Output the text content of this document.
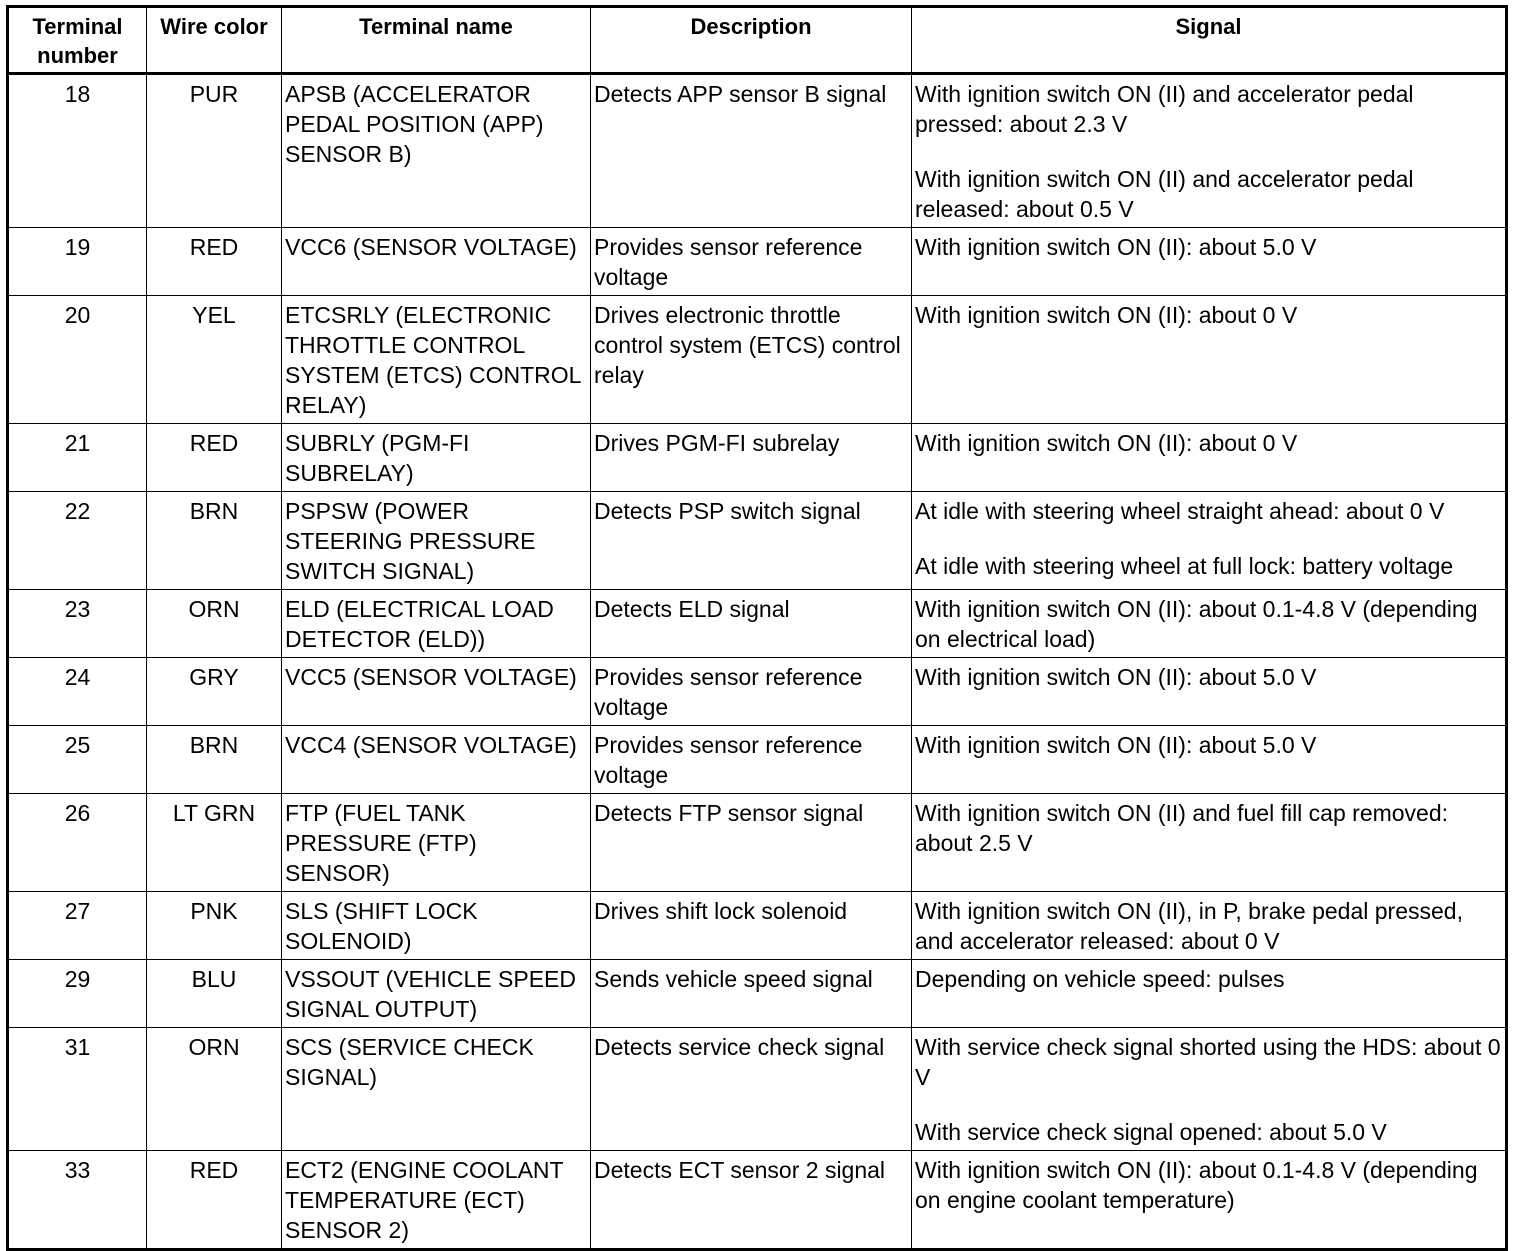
Terminal
number	Wire color	Terminal name	Description	Signal
18	PUR	APSB (ACCELERATOR PEDAL POSITION (APP) SENSOR B)	Detects APP sensor B signal	With ignition switch ON (II) and accelerator pedal pressed: about 2.3 V
With ignition switch ON (II) and accelerator pedal released: about 0.5 V

19	RED	VCC6 (SENSOR VOLTAGE)	Provides sensor reference voltage	With ignition switch ON (II): about 5.0 V

20	YEL	ETCSRLY (ELECTRONIC THROTTLE CONTROL SYSTEM (ETCS) CONTROL RELAY)	Drives electronic throttle control system (ETCS) control relay	With ignition switch ON (II): about 0 V

21	RED	SUBRLY (PGM-FI SUBRELAY)	Drives PGM-FI subrelay	With ignition switch ON (II): about 0 V

22	BRN	PSPSW (POWER STEERING PRESSURE SWITCH SIGNAL)	Detects PSP switch signal	At idle with steering wheel straight ahead: about 0 V
At idle with steering wheel at full lock: battery voltage

23	ORN	ELD (ELECTRICAL LOAD DETECTOR (ELD))	Detects ELD signal	With ignition switch ON (II): about 0.1-4.8 V (depending on electrical load)

24	GRY	VCC5 (SENSOR VOLTAGE)	Provides sensor reference voltage	With ignition switch ON (II): about 5.0 V

25	BRN	VCC4 (SENSOR VOLTAGE)	Provides sensor reference voltage	With ignition switch ON (II): about 5.0 V

26	LT GRN	FTP (FUEL TANK PRESSURE (FTP) SENSOR)	Detects FTP sensor signal	With ignition switch ON (II) and fuel fill cap removed: about 2.5 V

27	PNK	SLS (SHIFT LOCK SOLENOID)	Drives shift lock solenoid	With ignition switch ON (II), in P, brake pedal pressed, and accelerator released: about 0 V

29	BLU	VSSOUT (VEHICLE SPEED SIGNAL OUTPUT)	Sends vehicle speed signal	Depending on vehicle speed: pulses

31	ORN	SCS (SERVICE CHECK SIGNAL)	Detects service check signal	With service check signal shorted using the HDS: about 0 V
With service check signal opened: about 5.0 V

33	RED	ECT2 (ENGINE COOLANT TEMPERATURE (ECT) SENSOR 2)	Detects ECT sensor 2 signal	With ignition switch ON (II): about 0.1-4.8 V (depending on engine coolant temperature)
